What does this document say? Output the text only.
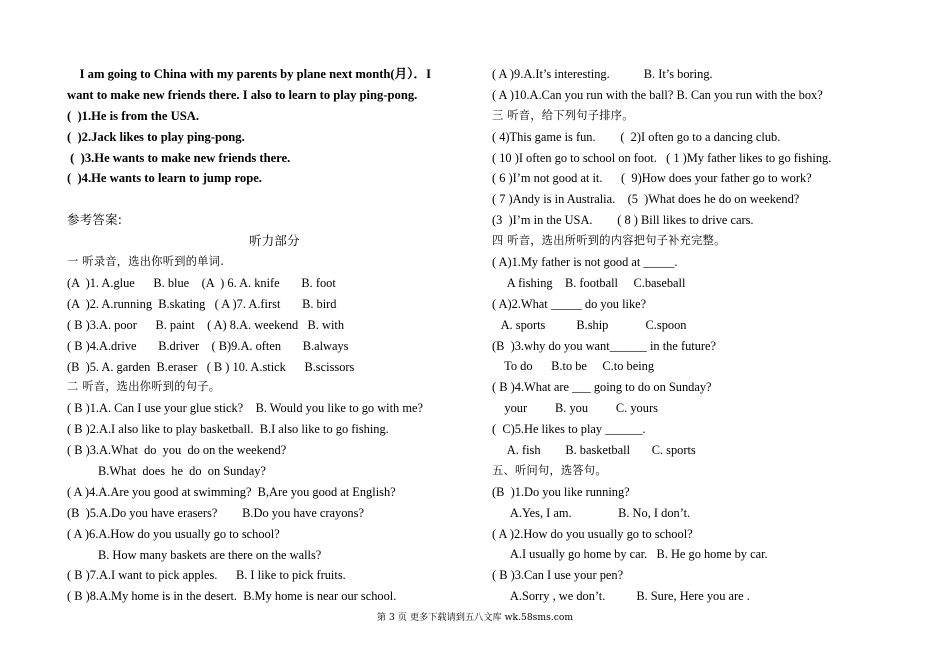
I am going to China with my parents by plane next month(月）．I
want to make new friends there. I also to learn to play ping-pong.
(  )1.He is from the USA.
(  )2.Jack likes to play ping-pong.
(  )3.He wants to make new friends there.
(  )4.He wants to learn to jump rope.
参考答案:
听力部分
一 听录音，选出你听到的单词.
(A  )1. A.glue      B. blue    (A  ) 6. A. knife       B. foot
(A  )2. A.running  B.skating   ( A )7. A.first       B. bird
( B )3.A. poor      B. paint    ( A) 8.A. weekend   B. with
( B )4.A.drive       B.driver    ( B)9.A. often       B.always
(B  )5. A. garden  B.eraser   ( B ) 10. A.stick      B.scissors
二 听音，选出你听到的句子。
( B )1.A. Can I use your glue stick?    B. Would you like to go with me?
( B )2.A.I also like to play basketball.  B.I also like to go fishing.
( B )3.A.What  do  you  do on the weekend?
B.What  does  he  do  on Sunday?
( A )4.A.Are you good at swimming?  B,Are you good at English?
(B  )5.A.Do you have erasers?        B.Do you have crayons?
( A )6.A.How do you usually go to school?
B. How many baskets are there on the walls?
( B )7.A.I want to pick apples.      B. I like to pick fruits.
( B )8.A.My home is in the desert.  B.My home is near our school.
( A )9.A.It’s interesting.           B. It’s boring.
( A )10.A.Can you run with the ball? B. Can you run with the box?
三 听音，给下列句子排序。
( 4)This game is fun.        (  2)I often go to a dancing club.
( 10 )I often go to school on foot.   ( 1 )My father likes to go fishing.
( 6 )I’m not good at it.      (  9)How does your father go to work?
( 7 )Andy is in Australia.    (5  )What does he do on weekend?
(3  )I’m in the USA.        ( 8 ) Bill likes to drive cars.
四 听音，选出所听到的内容把句子补充完整。
( A)1.My father is not good at _____.
A fishing    B. football     C.baseball
( A)2.What _____ do you like?
A. sports          B.ship            C.spoon
(B  )3.why do you want______ in the future?
To do      B.to be     C.to being
( B )4.What are ___ going to do on Sunday?
your         B. you         C. yours
(  C)5.He likes to play ______.
A. fish        B. basketball       C. sports
五、听问句，选答句。
(B  )1.Do you like running?
A.Yes, I am.               B. No, I don’t.
( A )2.How do you usually go to school?
A.I usually go home by car.   B. He go home by car.
( B )3.Can I use your pen?
A.Sorry , we don’t.          B. Sure, Here you are .
第 3 页 更多下载请到五八文库 wk.58sms.com
